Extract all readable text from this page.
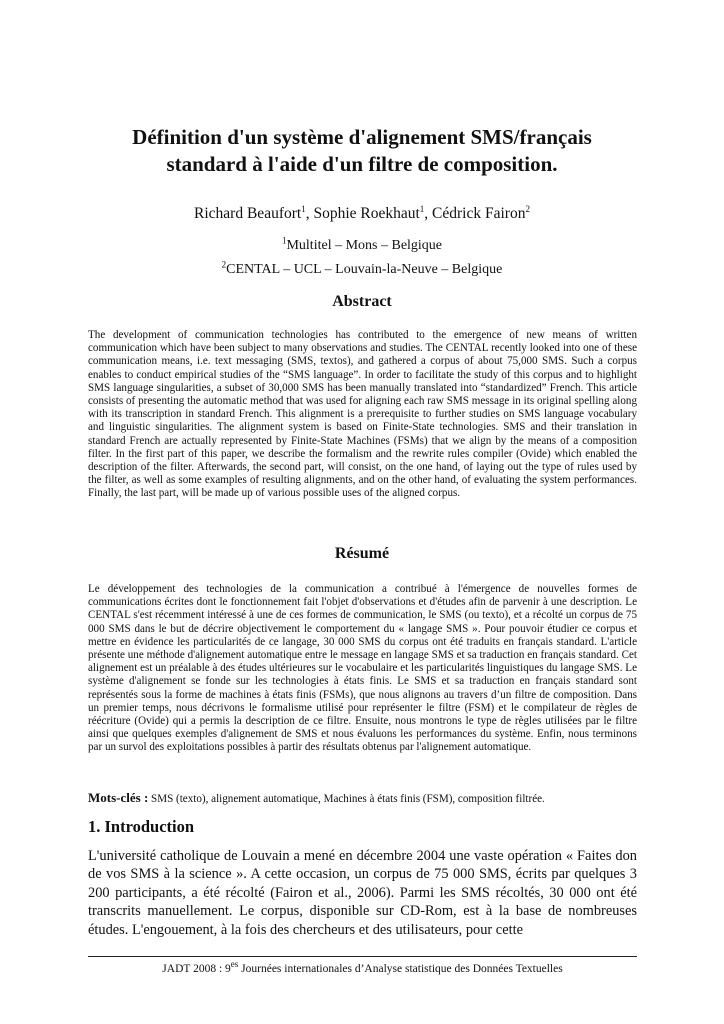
Définition d'un système d'alignement SMS/français
standard à l'aide d'un filtre de composition.
Richard Beaufort$^1$, Sophie Roekhaut$^1$, Cédrick Fairon$^2$
$^1$Multitel – Mons – Belgique
$^2$CENTAL – UCL – Louvain-la-Neuve – Belgique
Abstract
The development of communication technologies has contributed to the emergence of new means of written communication which have been subject to many observations and studies. The CENTAL recently looked into one of these communication means, i.e. text messaging (SMS, textos), and gathered a corpus of about 75,000 SMS. Such a corpus enables to conduct empirical studies of the “SMS language”. In order to facilitate the study of this corpus and to highlight SMS language singularities, a subset of 30,000 SMS has been manually translated into “standardized” French. This article consists of presenting the automatic method that was used for aligning each raw SMS message in its original spelling along with its transcription in standard French. This alignment is a prerequisite to further studies on SMS language vocabulary and linguistic singularities. The alignment system is based on Finite-State technologies. SMS and their translation in standard French are actually represented by Finite-State Machines (FSMs) that we align by the means of a composition filter. In the first part of this paper, we describe the formalism and the rewrite rules compiler (Ovide) which enabled the description of the filter. Afterwards, the second part, will consist, on the one hand, of laying out the type of rules used by the filter, as well as some examples of resulting alignments, and on the other hand, of evaluating the system performances. Finally, the last part, will be made up of various possible uses of the aligned corpus.
Résumé
Le développement des technologies de la communication a contribué à l'émergence de nouvelles formes de communications écrites dont le fonctionnement fait l'objet d'observations et d'études afin de parvenir à une description. Le CENTAL s'est récemment intéressé à une de ces formes de communication, le SMS (ou texto), et a récolté un corpus de 75 000 SMS dans le but de décrire objectivement le comportement du « langage SMS ». Pour pouvoir étudier ce corpus et mettre en évidence les particularités de ce langage, 30 000 SMS du corpus ont été traduits en français standard. L'article présente une méthode d'alignement automatique entre le message en langage SMS et sa traduction en français standard. Cet alignement est un préalable à des études ultérieures sur le vocabulaire et les particularités linguistiques du langage SMS. Le système d'alignement se fonde sur les technologies à états finis. Le SMS et sa traduction en français standard sont représentés sous la forme de machines à états finis (FSMs), que nous alignons au travers d’un filtre de composition. Dans un premier temps, nous décrivons le formalisme utilisé pour représenter le filtre (FSM) et le compilateur de règles de réécriture (Ovide) qui a permis la description de ce filtre. Ensuite, nous montrons le type de règles utilisées par le filtre ainsi que quelques exemples d'alignement de SMS et nous évaluons les performances du système. Enfin, nous terminons par un survol des exploitations possibles à partir des résultats obtenus par l'alignement automatique.
Mots-clés : SMS (texto), alignement automatique, Machines à états finis (FSM), composition filtrée.
1. Introduction
L'université catholique de Louvain a mené en décembre 2004 une vaste opération « Faites don de vos SMS à la science ». A cette occasion, un corpus de 75 000 SMS, écrits par quelques 3 200 participants, a été récolté (Fairon et al., 2006). Parmi les SMS récoltés, 30 000 ont été transcrits manuellement. Le corpus, disponible sur CD-Rom, est à la base de nombreuses études. L'engouement, à la fois des chercheurs et des utilisateurs, pour cette
JADT 2008 : $9^{es}$ Journées internationales d’Analyse statistique des Données Textuelles
